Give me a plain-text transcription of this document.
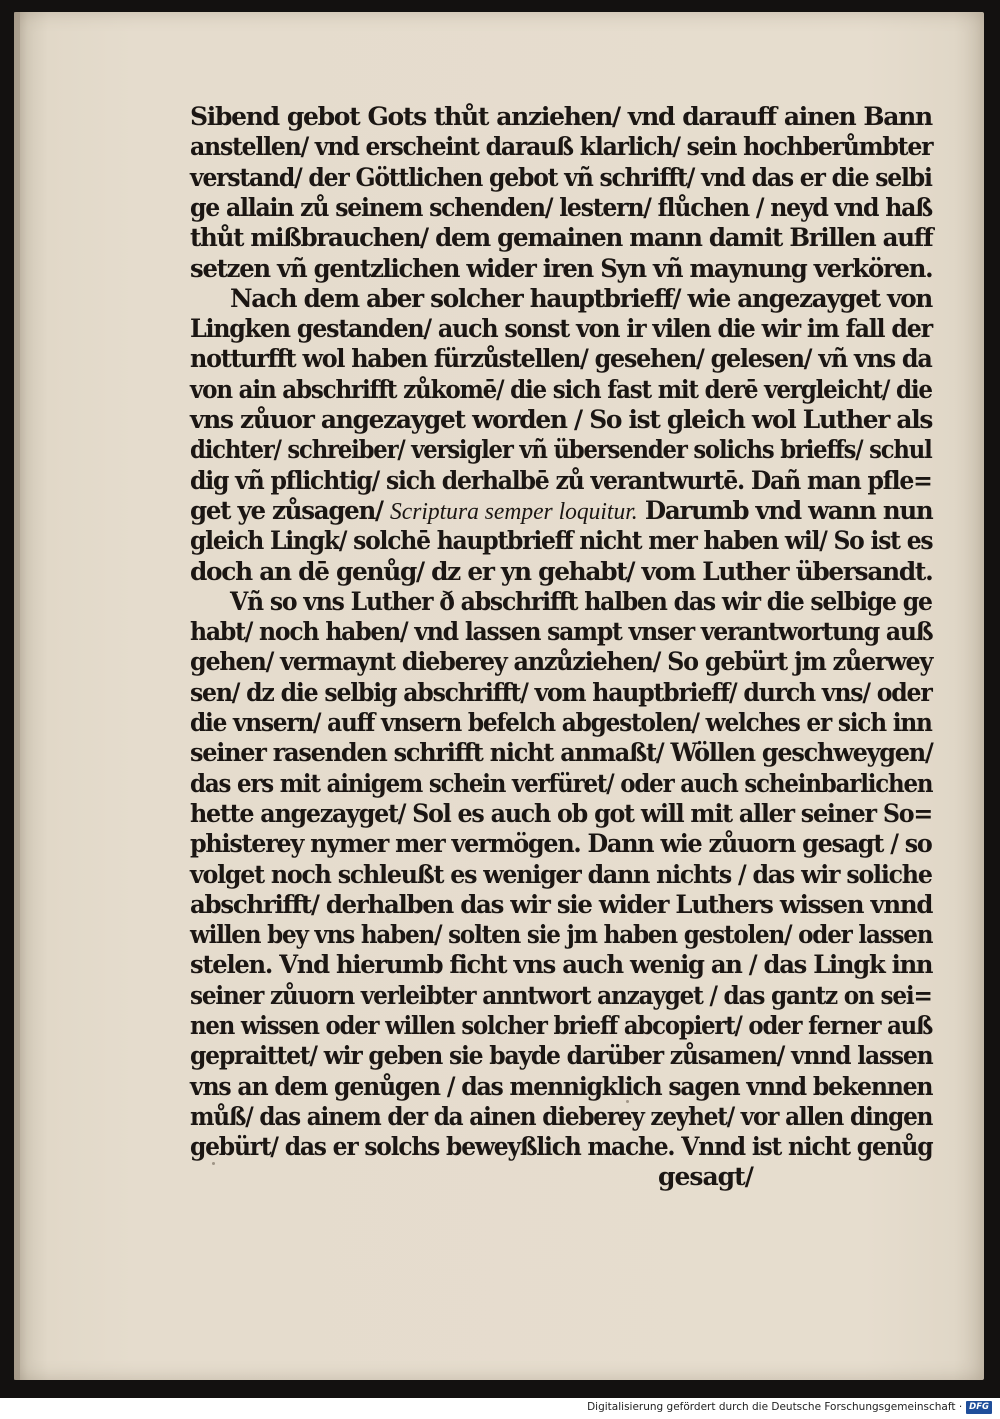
Sibend gebot Gots thůt anziehen/ vnd darauff ainen Bann
anstellen/ vnd erscheint darauß klarlich/ sein hochberůmbter
verstand/ der Göttlichen gebot vñ schrifft/ vnd das er die selbi
ge allain zů seinem schenden/ lestern/ flůchen / neyd vnd haß
thůt mißbrauchen/ dem gemainen mann damit Brillen auff
setzen vñ gentzlichen wider iren Syn vñ maynung verkören.
Nach dem aber solcher hauptbrieff/ wie angezayget von
Lingken gestanden/ auch sonst von ir vilen die wir im fall der
notturfft wol haben fürzůstellen/ gesehen/ gelesen/ vñ vns da
von ain abschrifft zůkomē/ die sich fast mit derē vergleicht/ die
vns zůuor angezayget worden / So ist gleich wol Luther als
dichter/ schreiber/ versigler vñ übersender solichs brieffs/ schul
dig vñ pflichtig/ sich derhalbē zů verantwurtē. Dañ man pfle=
get ye zůsagen/ Scriptura semper loquitur. Darumb vnd wann nun
gleich Lingk/ solchē hauptbrieff nicht mer haben wil/ So ist es
doch an dē genůg/ dz er yn gehabt/ vom Luther übersandt.
Vñ so vns Luther ð abschrifft halben das wir die selbige ge
habt/ noch haben/ vnd lassen sampt vnser verantwortung auß
gehen/ vermaynt dieberey anzůziehen/ So gebürt jm zůerwey
sen/ dz die selbig abschrifft/ vom hauptbrieff/ durch vns/ oder
die vnsern/ auff vnsern befelch abgestolen/ welches er sich inn
seiner rasenden schrifft nicht anmaßt/ Wöllen geschweygen/
das ers mit ainigem schein verfüret/ oder auch scheinbarlichen
hette angezayget/ Sol es auch ob got will mit aller seiner So=
phisterey nymer mer vermögen. Dann wie zůuorn gesagt / so
volget noch schleußt es weniger dann nichts / das wir soliche
abschrifft/ derhalben das wir sie wider Luthers wissen vnnd
willen bey vns haben/ solten sie jm haben gestolen/ oder lassen
stelen. Vnd hierumb ficht vns auch wenig an / das Lingk inn
seiner zůuorn verleibter anntwort anzayget / das gantz on sei=
nen wissen oder willen solcher brieff abcopiert/ oder ferner auß
gepraittet/ wir geben sie bayde darüber zůsamen/ vnnd lassen
vns an dem genůgen / das mennigklich sagen vnnd bekennen
můß/ das ainem der da ainen dieberey zeyhet/ vor allen dingen
gebürt/ das er solchs beweyßlich mache. Vnnd ist nicht genůg
gesagt/
Digitalisierung gefördert durch die Deutsche Forschungsgemeinschaft · DFG
